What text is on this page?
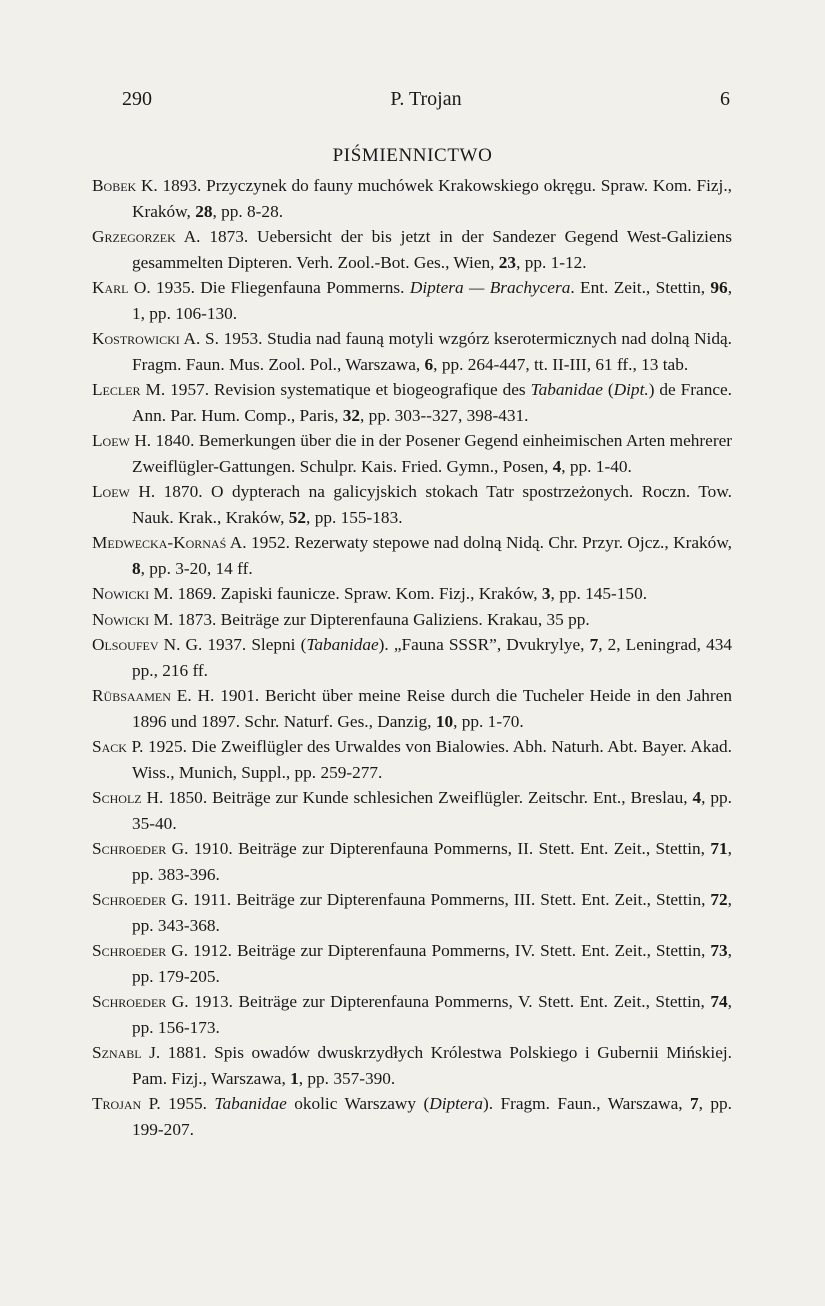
290	P. Trojan	6
PIŚMIENNICTWO

Bobek K. 1893. Przyczynek do fauny muchówek Krakowskiego okręgu. Spraw. Kom. Fizj., Kraków, 28, pp. 8-28.

Grzegorzek A. 1873. Uebersicht der bis jetzt in der Sandezer Gegend West-Galiziens gesammelten Dipteren. Verh. Zool.-Bot. Ges., Wien, 23, pp. 1-12.

Karl O. 1935. Die Fliegenfauna Pommerns. Diptera — Brachycera. Ent. Zeit., Stettin, 96, 1, pp. 106-130.

Kostrowicki A. S. 1953. Studia nad fauną motyli wzgórz kserotermicznych nad dolną Nidą. Fragm. Faun. Mus. Zool. Pol., Warszawa, 6, pp. 264-447, tt. II-III, 61 ff., 13 tab.

Lecler M. 1957. Revision systematique et biogeografique des Tabanidae (Dipt.) de France. Ann. Par. Hum. Comp., Paris, 32, pp. 303--327, 398-431.

Loew H. 1840. Bemerkungen über die in der Posener Gegend einheimischen Arten mehrerer Zweiflügler-Gattungen. Schulpr. Kais. Fried. Gymn., Posen, 4, pp. 1-40.

Loew H. 1870. O dypterach na galicyjskich stokach Tatr spostrzeżonych. Roczn. Tow. Nauk. Krak., Kraków, 52, pp. 155-183.

Medwecka-Kornaś A. 1952. Rezerwaty stepowe nad dolną Nidą. Chr. Przyr. Ojcz., Kraków, 8, pp. 3-20, 14 ff.

Nowicki M. 1869. Zapiski faunicze. Spraw. Kom. Fizj., Kraków, 3, pp. 145-150.

Nowicki M. 1873. Beiträge zur Dipterenfauna Galiziens. Krakau, 35 pp.

Olsoufev N. G. 1937. Slepni (Tabanidae). „Fauna SSSR”, Dvukrylye, 7, 2, Leningrad, 434 pp., 216 ff.

Rübsaamen E. H. 1901. Bericht über meine Reise durch die Tucheler Heide in den Jahren 1896 und 1897. Schr. Naturf. Ges., Danzig, 10, pp. 1-70.

Sack P. 1925. Die Zweiflügler des Urwaldes von Bialowies. Abh. Naturh. Abt. Bayer. Akad. Wiss., Munich, Suppl., pp. 259-277.

Scholz H. 1850. Beiträge zur Kunde schlesichen Zweiflügler. Zeitschr. Ent., Breslau, 4, pp. 35-40.

Schroeder G. 1910. Beiträge zur Dipterenfauna Pommerns, II. Stett. Ent. Zeit., Stettin, 71, pp. 383-396.

Schroeder G. 1911. Beiträge zur Dipterenfauna Pommerns, III. Stett. Ent. Zeit., Stettin, 72, pp. 343-368.

Schroeder G. 1912. Beiträge zur Dipterenfauna Pommerns, IV. Stett. Ent. Zeit., Stettin, 73, pp. 179-205.

Schroeder G. 1913. Beiträge zur Dipterenfauna Pommerns, V. Stett. Ent. Zeit., Stettin, 74, pp. 156-173.

Sznabl J. 1881. Spis owadów dwuskrzydłych Królestwa Polskiego i Gubernii Mińskiej. Pam. Fizj., Warszawa, 1, pp. 357-390.

Trojan P. 1955. Tabanidae okolic Warszawy (Diptera). Fragm. Faun., Warszawa, 7, pp. 199-207.
